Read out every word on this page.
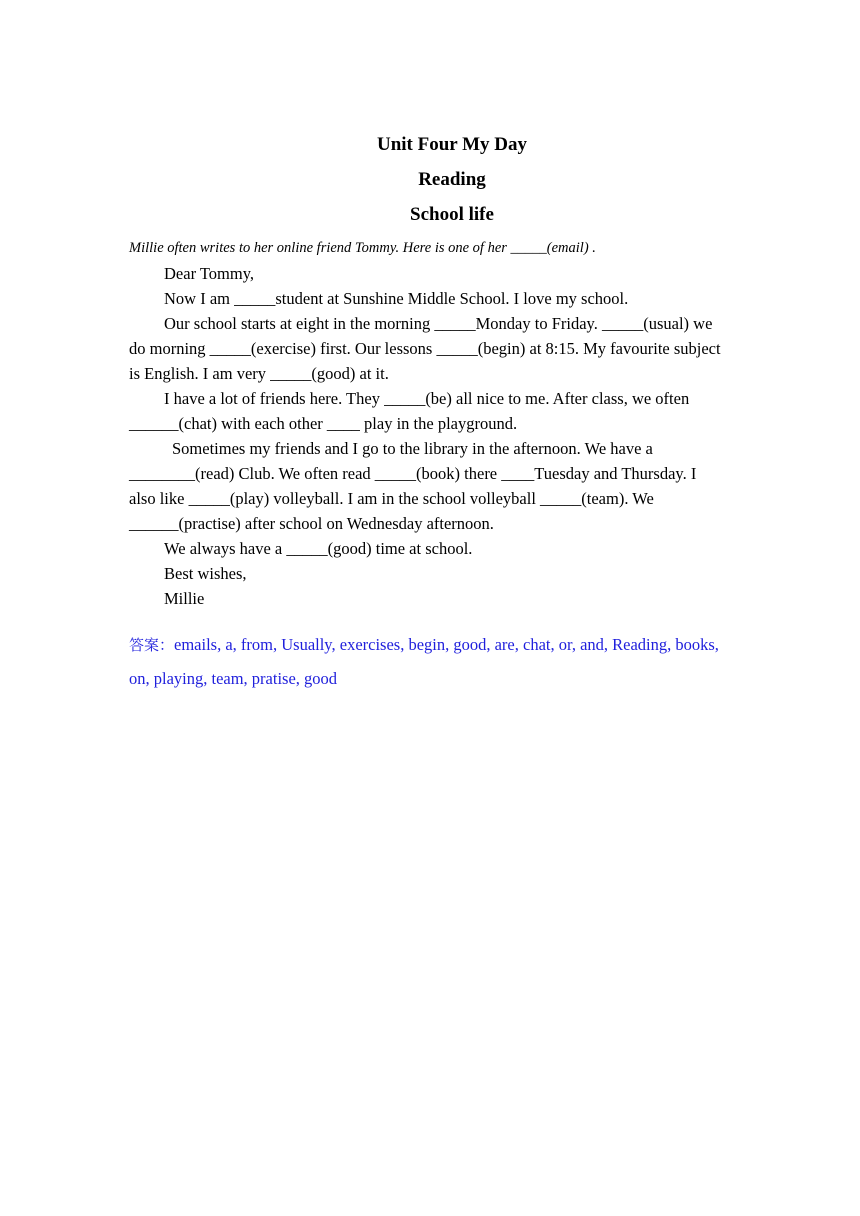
Unit Four My Day
Reading
School life
Millie often writes to her online friend Tommy. Here is one of her _____(email) .
Dear Tommy,
Now I am _____student at Sunshine Middle School. I love my school.
Our school starts at eight in the morning _____Monday to Friday. _____(usual) we
do morning _____(exercise) first. Our lessons _____(begin) at 8:15. My favourite subject
is English. I am very _____(good) at it.
I have a lot of friends here. They _____(be) all nice to me. After class, we often
______(chat) with each other ____ play in the playground.
Sometimes my friends and I go to the library in the afternoon. We have a
________(read) Club. We often read _____(book) there ____Tuesday and Thursday. I
also like _____(play) volleyball. I am in the school volleyball _____(team). We
______(practise) after school on Wednesday afternoon.
We always have a _____(good) time at school.
Best wishes,
Millie
答案：emails, a, from, Usually, exercises, begin, good, are, chat, or, and, Reading, books,
on, playing, team, pratise, good
